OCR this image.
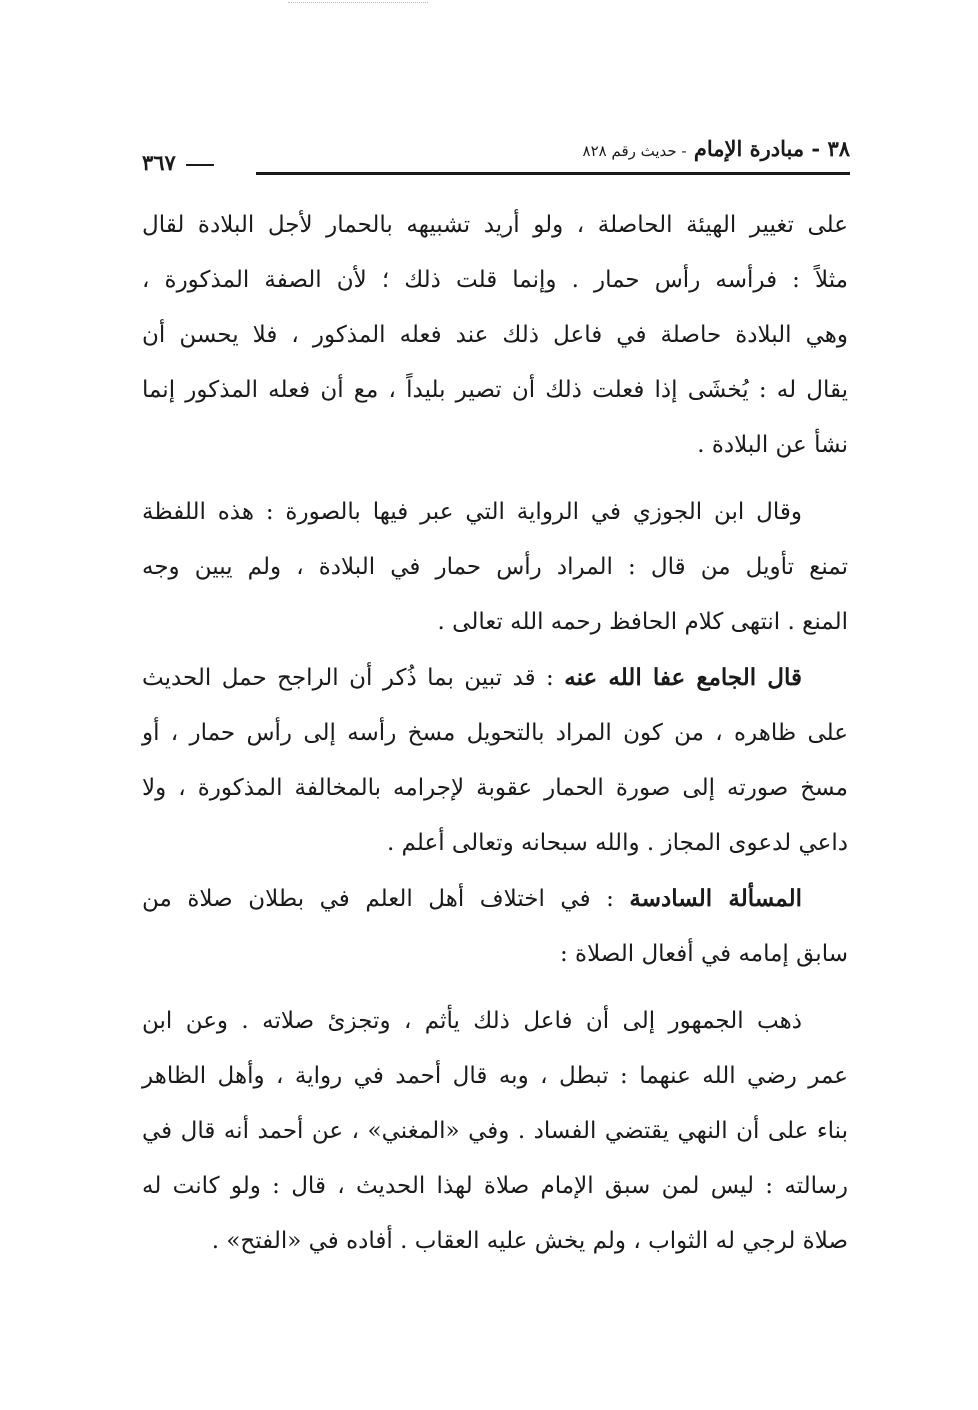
٣٨ - مبادرة الإمام - حديث رقم ٨٢٨
٣٦٧

على تغيير الهيئة الحاصلة ، ولو أريد تشبيهه بالحمار لأجل البلادة لقال
مثلاً : فرأسه رأس حمار . وإنما قلت ذلك ؛ لأن الصفة المذكورة ،
وهي البلادة حاصلة في فاعل ذلك عند فعله المذكور ، فلا يحسن أن
يقال له : يُخشَى إذا فعلت ذلك أن تصير بليداً ، مع أن فعله المذكور إنما
نشأ عن البلادة .

وقال ابن الجوزي في الرواية التي عبر فيها بالصورة : هذه اللفظة
تمنع تأويل من قال : المراد رأس حمار في البلادة ، ولم يبين وجه
المنع . انتهى كلام الحافظ رحمه الله تعالى .

قال الجامع عفا الله عنه : قد تبين بما ذُكر أن الراجح حمل الحديث
على ظاهره ، من كون المراد بالتحويل مسخ رأسه إلى رأس حمار ، أو
مسخ صورته إلى صورة الحمار عقوبة لإجرامه بالمخالفة المذكورة ، ولا
داعي لدعوى المجاز . والله سبحانه وتعالى أعلم .

المسألة السادسة : في اختلاف أهل العلم في بطلان صلاة من
سابق إمامه في أفعال الصلاة :

ذهب الجمهور إلى أن فاعل ذلك يأثم ، وتجزئ صلاته . وعن ابن
عمر رضي الله عنهما : تبطل ، وبه قال أحمد في رواية ، وأهل الظاهر
بناء على أن النهي يقتضي الفساد . وفي «المغني» ، عن أحمد أنه قال في
رسالته : ليس لمن سبق الإمام صلاة لهذا الحديث ، قال : ولو كانت له
صلاة لرجي له الثواب ، ولم يخش عليه العقاب . أفاده في «الفتح» .
